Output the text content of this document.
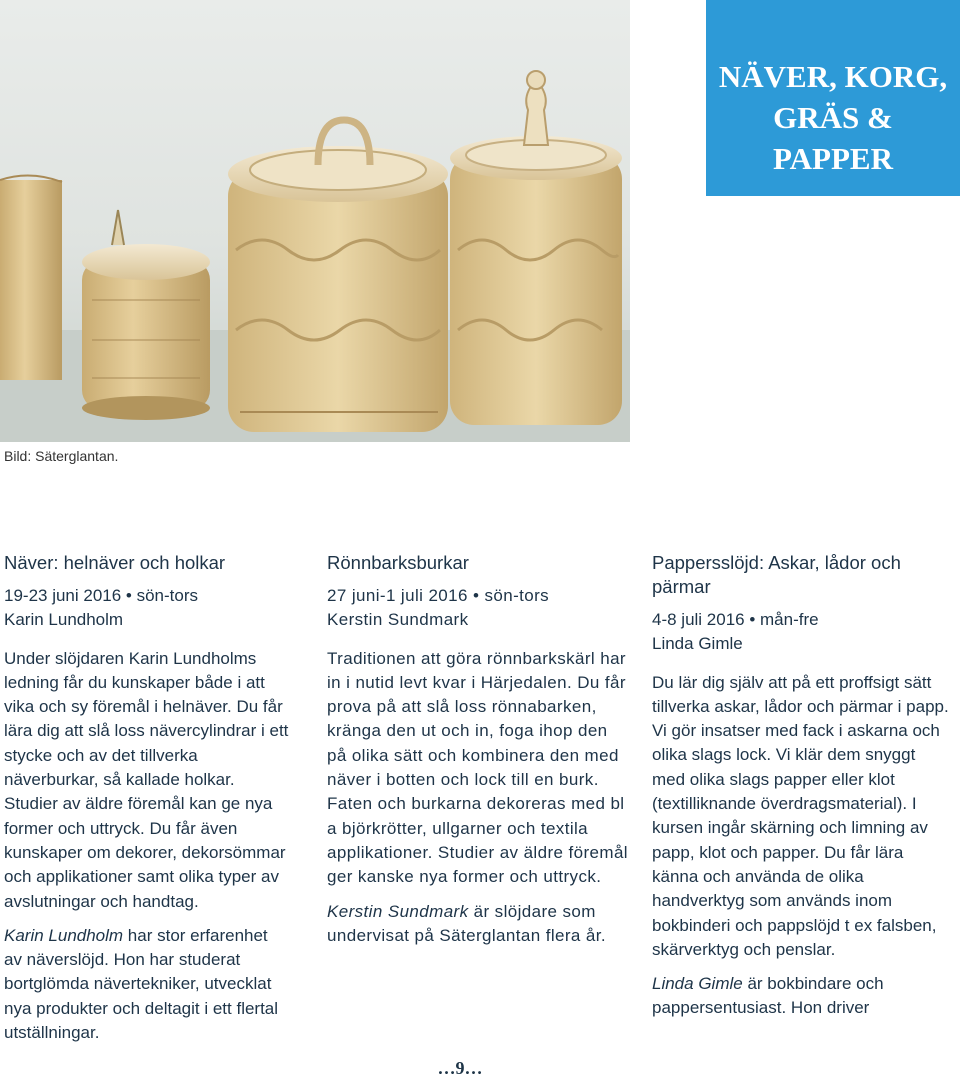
Bild: Säterglantan.
NÄVER, KORG,
GRÄS &
PAPPER
Näver: helnäver och holkar

19-23 juni 2016 • sön-tors

Karin Lundholm

Under slöjdaren Karin Lundholms ledning får du kunskaper både i att vika och sy föremål i helnäver. Du får lära dig att slå loss nävercylindrar i ett stycke och av det tillverka näverburkar, så kallade holkar. Studier av äldre föremål kan ge nya former och uttryck. Du får även kunskaper om dekorer, dekorsömmar och applikationer samt olika typer av avslutningar och handtag.

Karin Lundholm har stor erfarenhet av näverslöjd. Hon har studerat bortglömda nävertekniker, utvecklat nya produkter och deltagit i ett flertal utställningar.

Rönnbarksburkar

27 juni-1 juli 2016 • sön-tors

Kerstin Sundmark

Traditionen att göra rönnbarkskärl har in i nutid levt kvar i Härjedalen. Du får prova på att slå loss rönnabarken, kränga den ut och in, foga ihop den på olika sätt och kombinera den med näver i botten och lock till en burk. Faten och burkarna dekoreras med bl a björkrötter, ullgarner och textila applikationer. Studier av äldre föremål ger kanske nya former och uttryck.

Kerstin Sundmark är slöjdare som undervisat på Säterglantan flera år.

Pappersslöjd: Askar, lådor och pärmar

4-8 juli 2016 • mån-fre

Linda Gimle

Du lär dig själv att på ett proffsigt sätt tillverka askar, lådor och pärmar i papp. Vi gör insatser med fack i askarna och olika slags lock. Vi klär dem snyggt med olika slags papper eller klot (textilliknande överdragsmaterial). I kursen ingår skärning och limning av papp, klot och papper. Du får lära känna och använda de olika handverktyg som används inom bokbinderi och pappslöjd t ex falsben, skärverktyg och penslar.

Linda Gimle är bokbindare och pappersentusiast. Hon driver

…9…
